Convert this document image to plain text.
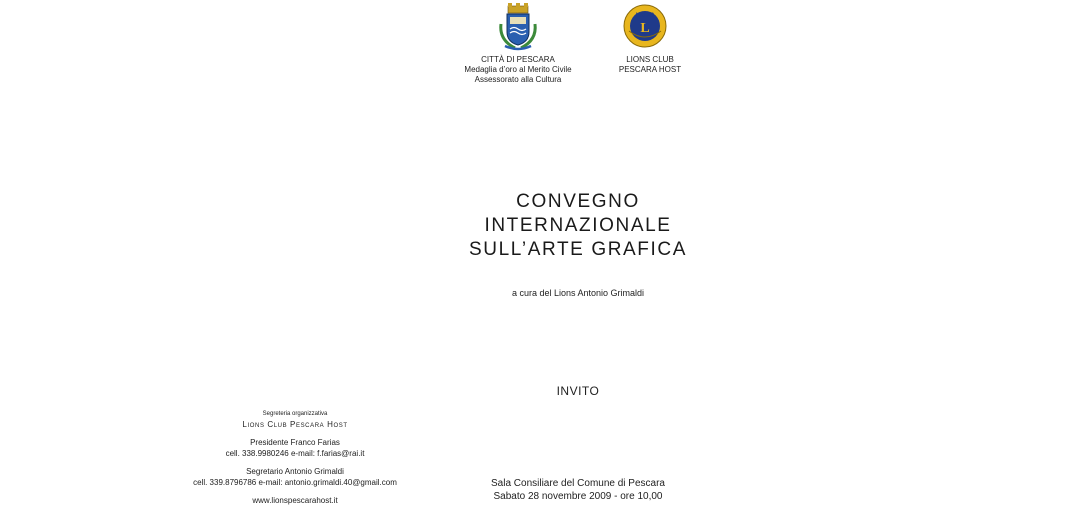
CITTÀ DI PESCARA
Medaglia d’oro al Merito Civile
Assessorato alla Cultura
LIONS
L
LIONS CLUB
PESCARA HOST
CONVEGNO
INTERNAZIONALE
SULL’ARTE GRAFICA
a cura del Lions Antonio Grimaldi
INVITO
Sala Consiliare del Comune di Pescara
Sabato 28 novembre 2009 - ore 10,00
Segreteria organizzativa
Lions Club Pescara Host
Presidente Franco Farias
cell. 338.9980246 e-mail: f.farias@rai.it
Segretario Antonio Grimaldi
cell. 339.8796786 e-mail: antonio.grimaldi.40@gmail.com
www.lionspescarahost.it
